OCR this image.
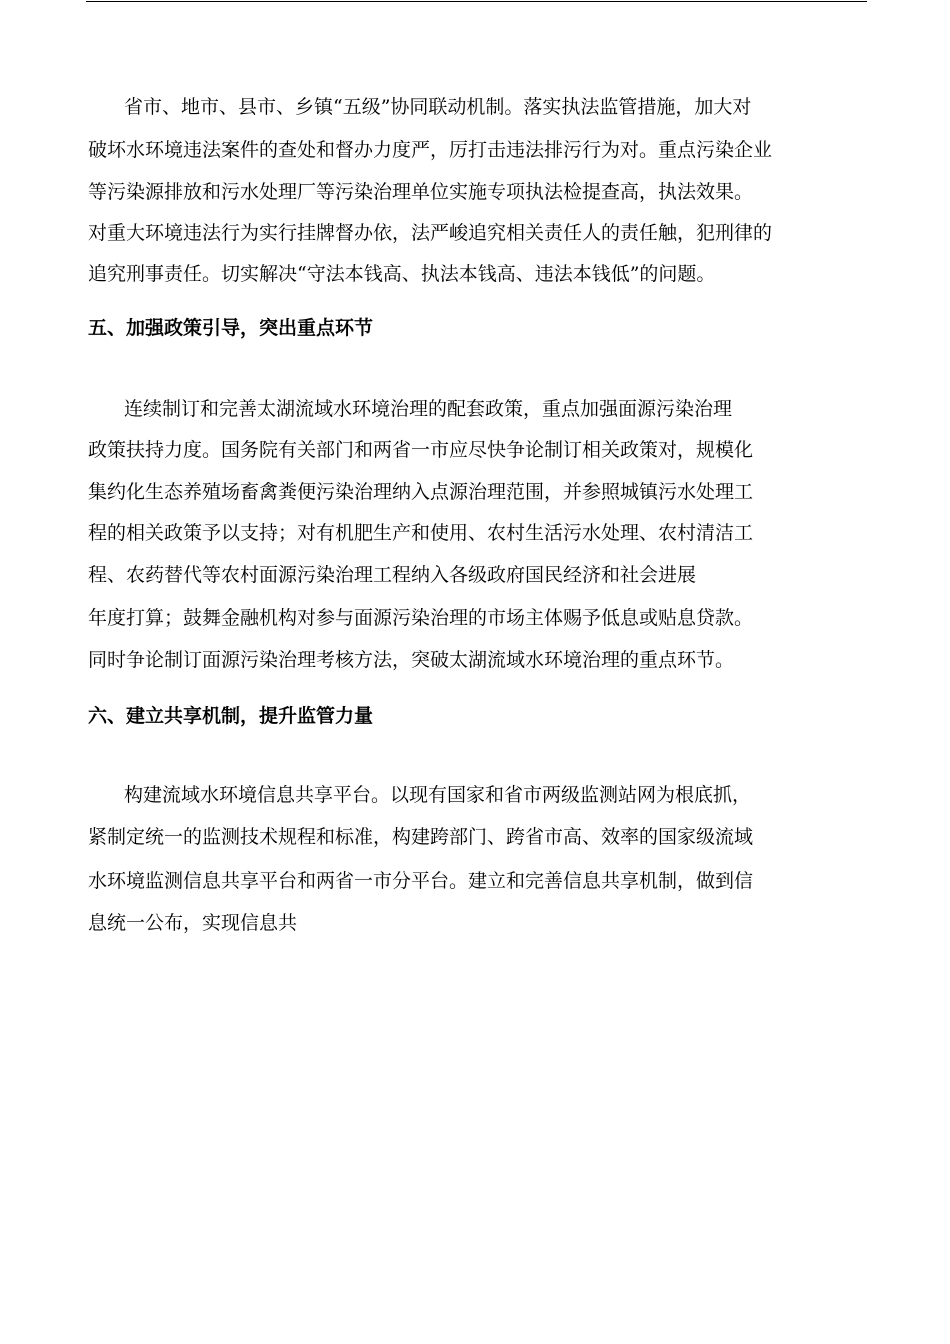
省市、地市、县市、乡镇“五级”协同联动机制。落实执法监管措施，加大对
破坏水环境违法案件的查处和督办力度严，厉打击违法排污行为对。重点污染企业
等污染源排放和污水处理厂等污染治理单位实施专项执法检提查高，执法效果。
对重大环境违法行为实行挂牌督办依，法严峻追究相关责任人的责任触，犯刑律的
追究刑事责任。切实解决“守法本钱高、执法本钱高、违法本钱低”的问题。
五、加强政策引导，突出重点环节
连续制订和完善太湖流域水环境治理的配套政策，重点加强面源污染治理
政策扶持力度。国务院有关部门和两省一市应尽快争论制订相关政策对，规模化
集约化生态养殖场畜禽粪便污染治理纳入点源治理范围，并参照城镇污水处理工
程的相关政策予以支持；对有机肥生产和使用、农村生活污水处理、农村清洁工
程、农药替代等农村面源污染治理工程纳入各级政府国民经济和社会进展
年度打算；鼓舞金融机构对参与面源污染治理的市场主体赐予低息或贴息贷款。
同时争论制订面源污染治理考核方法，突破太湖流域水环境治理的重点环节。
六、建立共享机制，提升监管力量
构建流域水环境信息共享平台。以现有国家和省市两级监测站网为根底抓，
紧制定统一的监测技术规程和标准，构建跨部门、跨省市高、效率的国家级流域
水环境监测信息共享平台和两省一市分平台。建立和完善信息共享机制，做到信
息统一公布，实现信息共
